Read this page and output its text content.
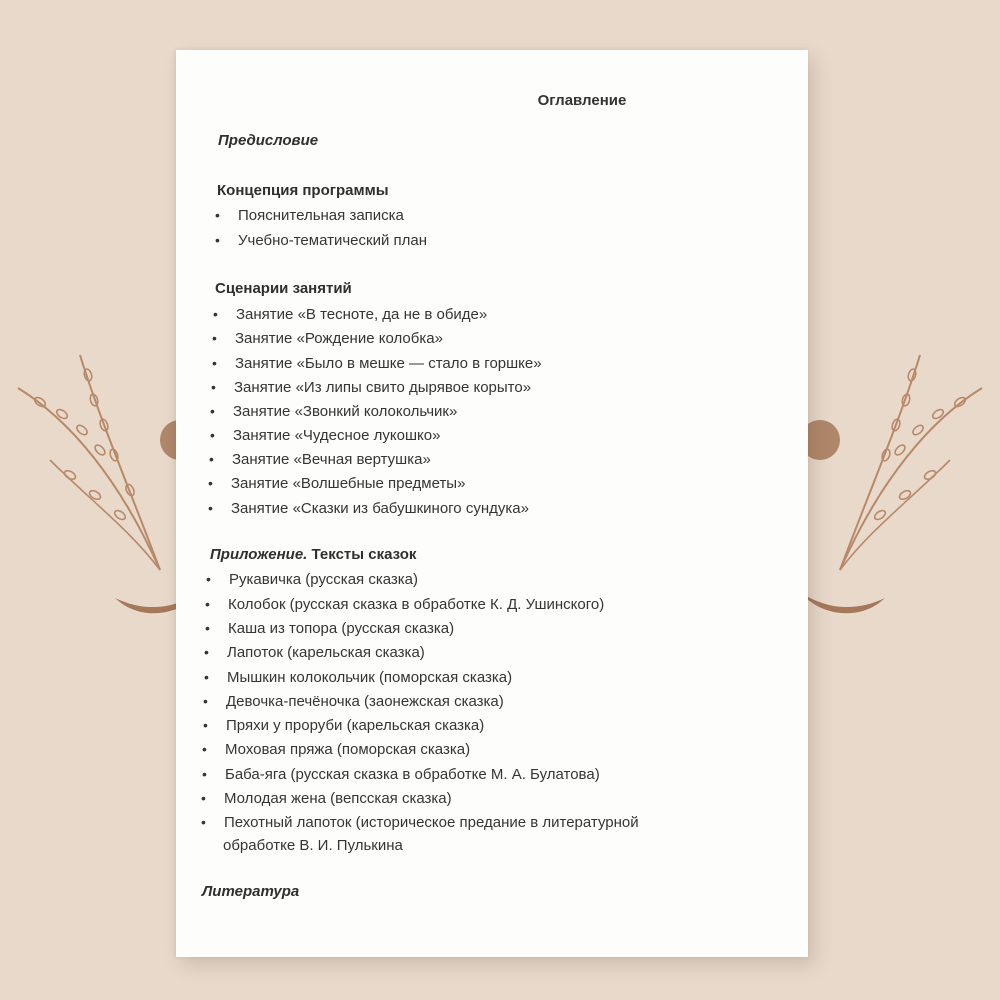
Оглавление
Предисловие
Концепция программы
• Пояснительная записка
• Учебно-тематический план
Сценарии занятий
• Занятие «В тесноте, да не в обиде»
• Занятие «Рождение колобка»
• Занятие «Было в мешке — стало в горшке»
• Занятие «Из липы свито дырявое корыто»
• Занятие «Звонкий колокольчик»
• Занятие «Чудесное лукошко»
• Занятие «Вечная вертушка»
• Занятие «Волшебные предметы»
• Занятие «Сказки из бабушкиного сундука»
Приложение. Тексты сказок
• Рукавичка (русская сказка)
• Колобок (русская сказка в обработке К. Д. Ушинского)
• Каша из топора (русская сказка)
• Лапоток (карельская сказка)
• Мышкин колокольчик (поморская сказка)
• Девочка-печёночка (заонежская сказка)
• Пряхи у проруби (карельская сказка)
• Моховая пряжа (поморская сказка)
• Баба-яга (русская сказка в обработке М. А. Булатова)
• Молодая жена (вепсская сказка)
• Пехотный лапоток (историческое предание в литературной
обработке В. И. Пулькина
Литература
